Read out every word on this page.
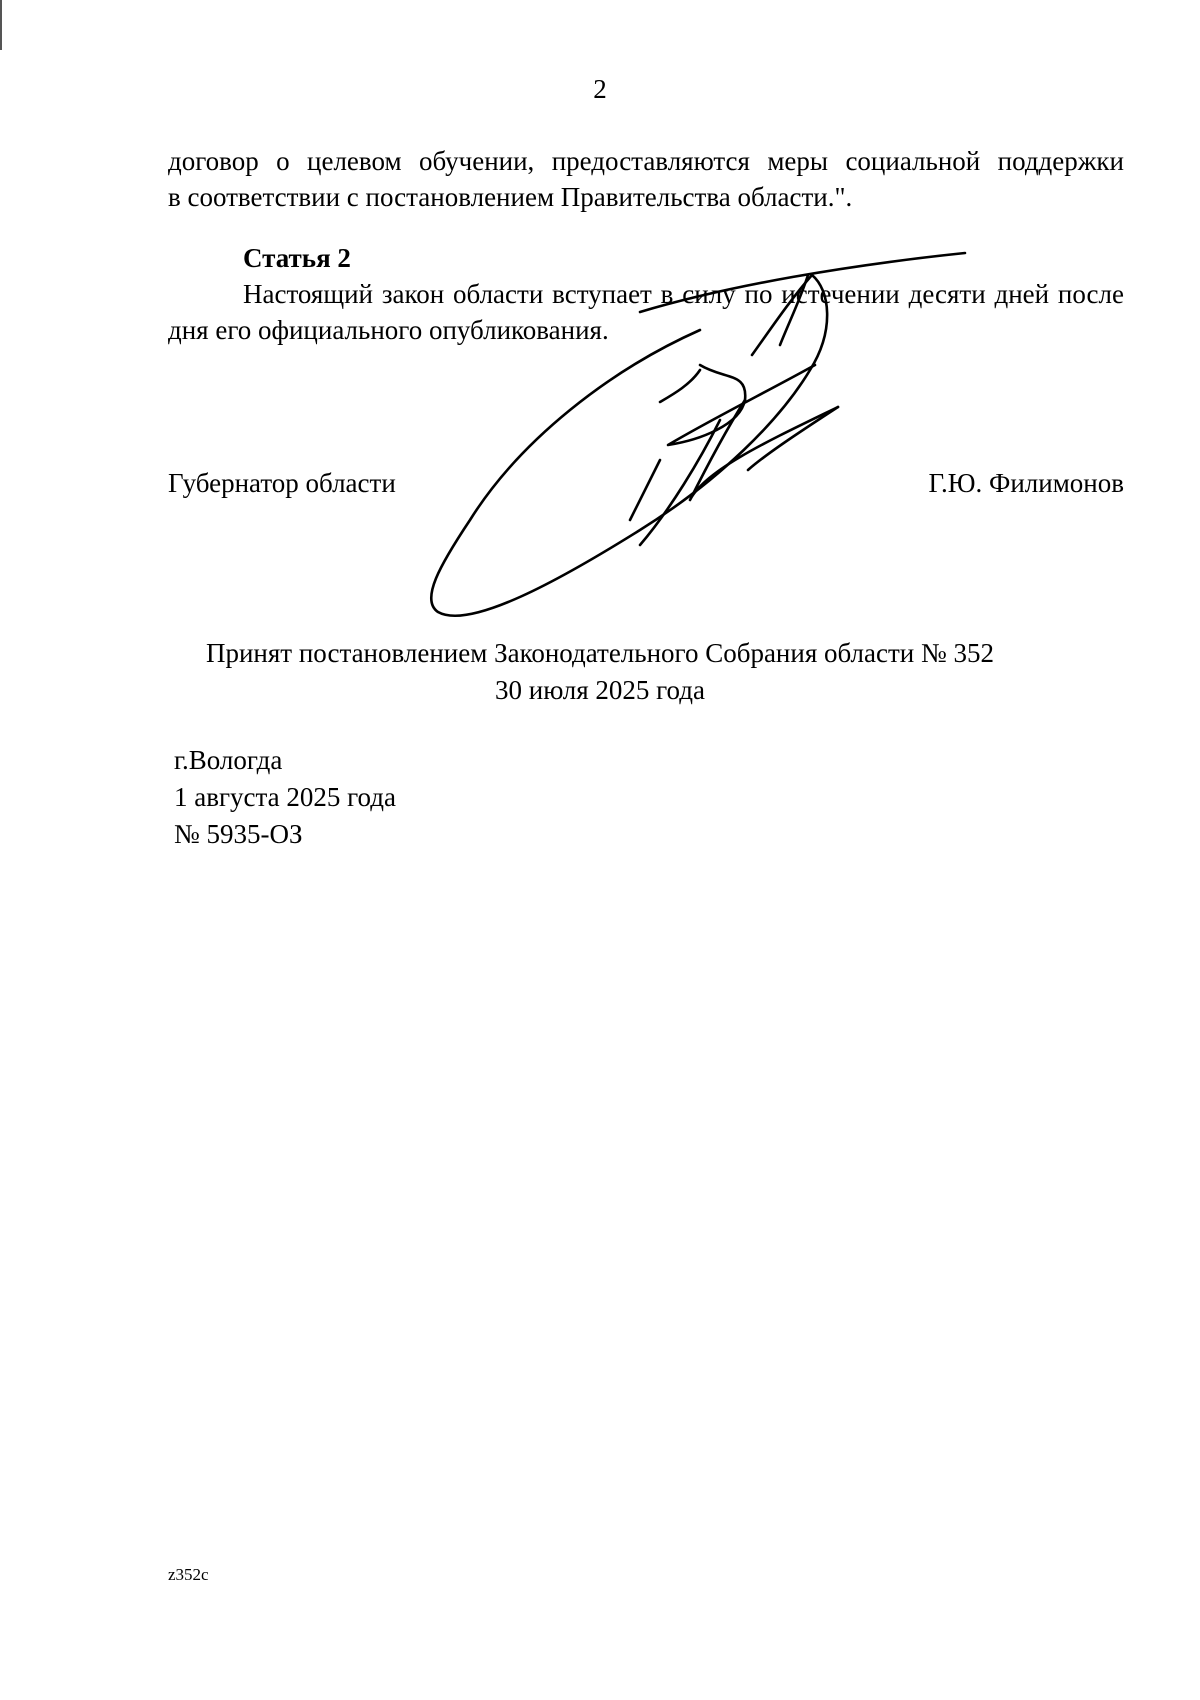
2
договор о целевом обучении, предоставляются меры социальной поддержки
в соответствии с постановлением Правительства области.".
Статья 2
Настоящий закон области вступает в силу по истечении десяти дней после дня его официального опубликования.
Губернатор области	Г.Ю. Филимонов
Принят постановлением Законодательного Собрания области № 352
30 июля 2025 года
г.Вологда
1 августа 2025 года
№ 5935-ОЗ
z352c
